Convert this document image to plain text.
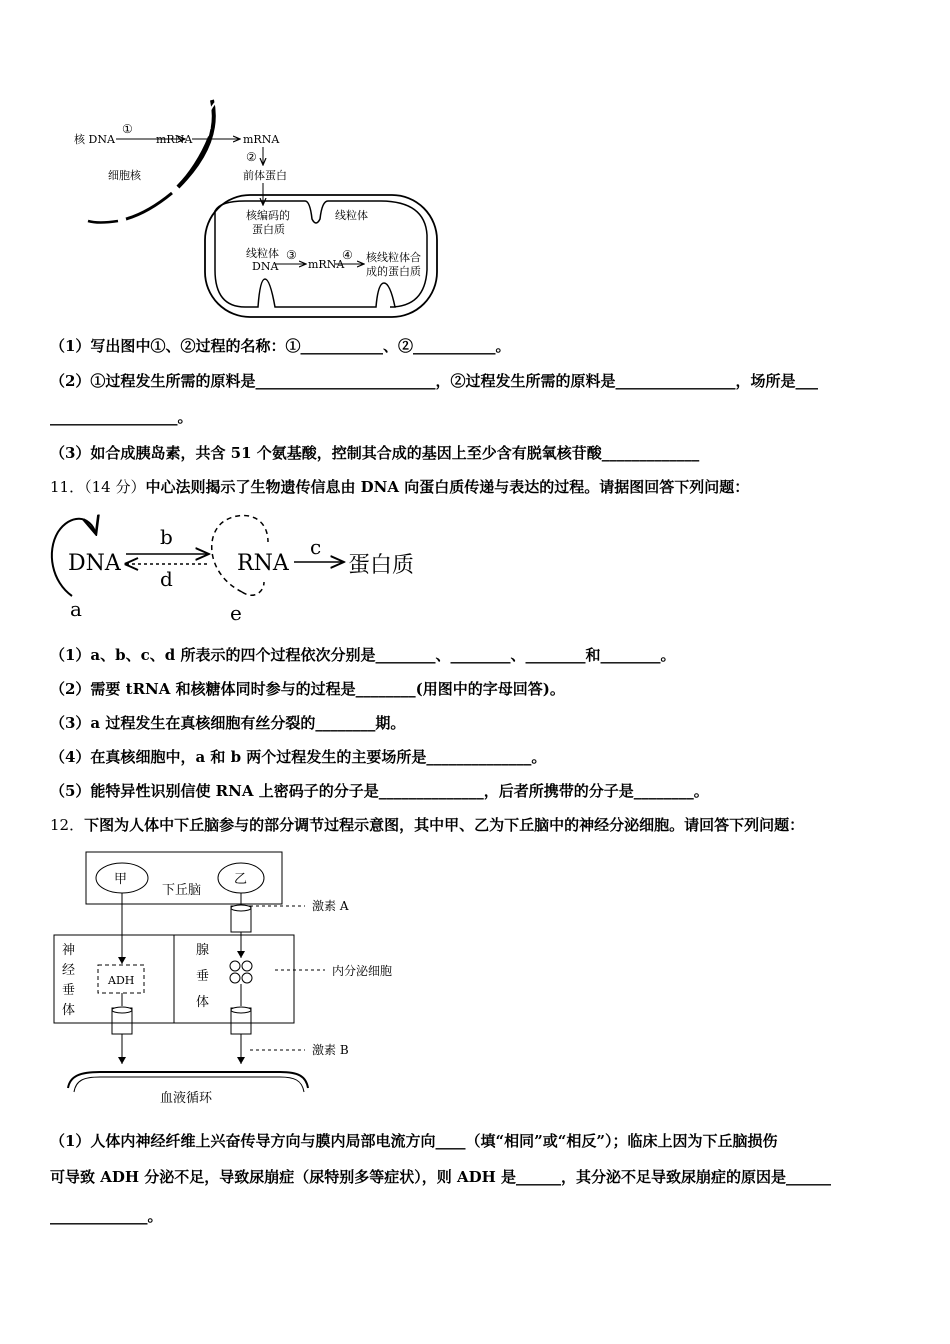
核 DNA
①
mRNA	mRNA
②
前体蛋白
细胞核
核编码的
蛋白质
线粒体
线粒体
DNA
③
mRNA
④ 核线粒体合
成的蛋白质
（1）写出图中①、②过程的名称：①___________、②___________。
（2）①过程发生所需的原料是________________________，②过程发生所需的原料是________________，场所是___
_________________。
（3）如合成胰岛素，共含 51 个氨基酸，控制其合成的基因上至少含有脱氧核苷酸_____________
11．（14 分）中心法则揭示了生物遗传信息由 DNA 向蛋白质传递与表达的过程。请据图回答下列问题：
DNA
a
b
d
RNA
e
c
蛋白质
（1）a、b、c、d 所表示的四个过程依次分别是________、________、________和________。
（2）需要 tRNA 和核糖体同时参与的过程是________(用图中的字母回答)。
（3）a 过程发生在真核细胞有丝分裂的________期。
（4）在真核细胞中，a 和 b 两个过程发生的主要场所是______________。
（5）能特异性识别信使 RNA 上密码子的分子是______________，后者所携带的分子是________。
12．下图为人体中下丘脑参与的部分调节过程示意图，其中甲、乙为下丘脑中的神经分泌细胞。请回答下列问题：
甲
下丘脑
乙
激素 A
神
经
垂
体
ADH
腺
垂
体
内分泌细胞
激素 B
血液循环
（1）人体内神经纤维上兴奋传导方向与膜内局部电流方向____（填“相同”或“相反”）；临床上因为下丘脑损伤
可导致 ADH 分泌不足，导致尿崩症（尿特别多等症状），则 ADH 是______，其分泌不足导致尿崩症的原因是______
_____________。
